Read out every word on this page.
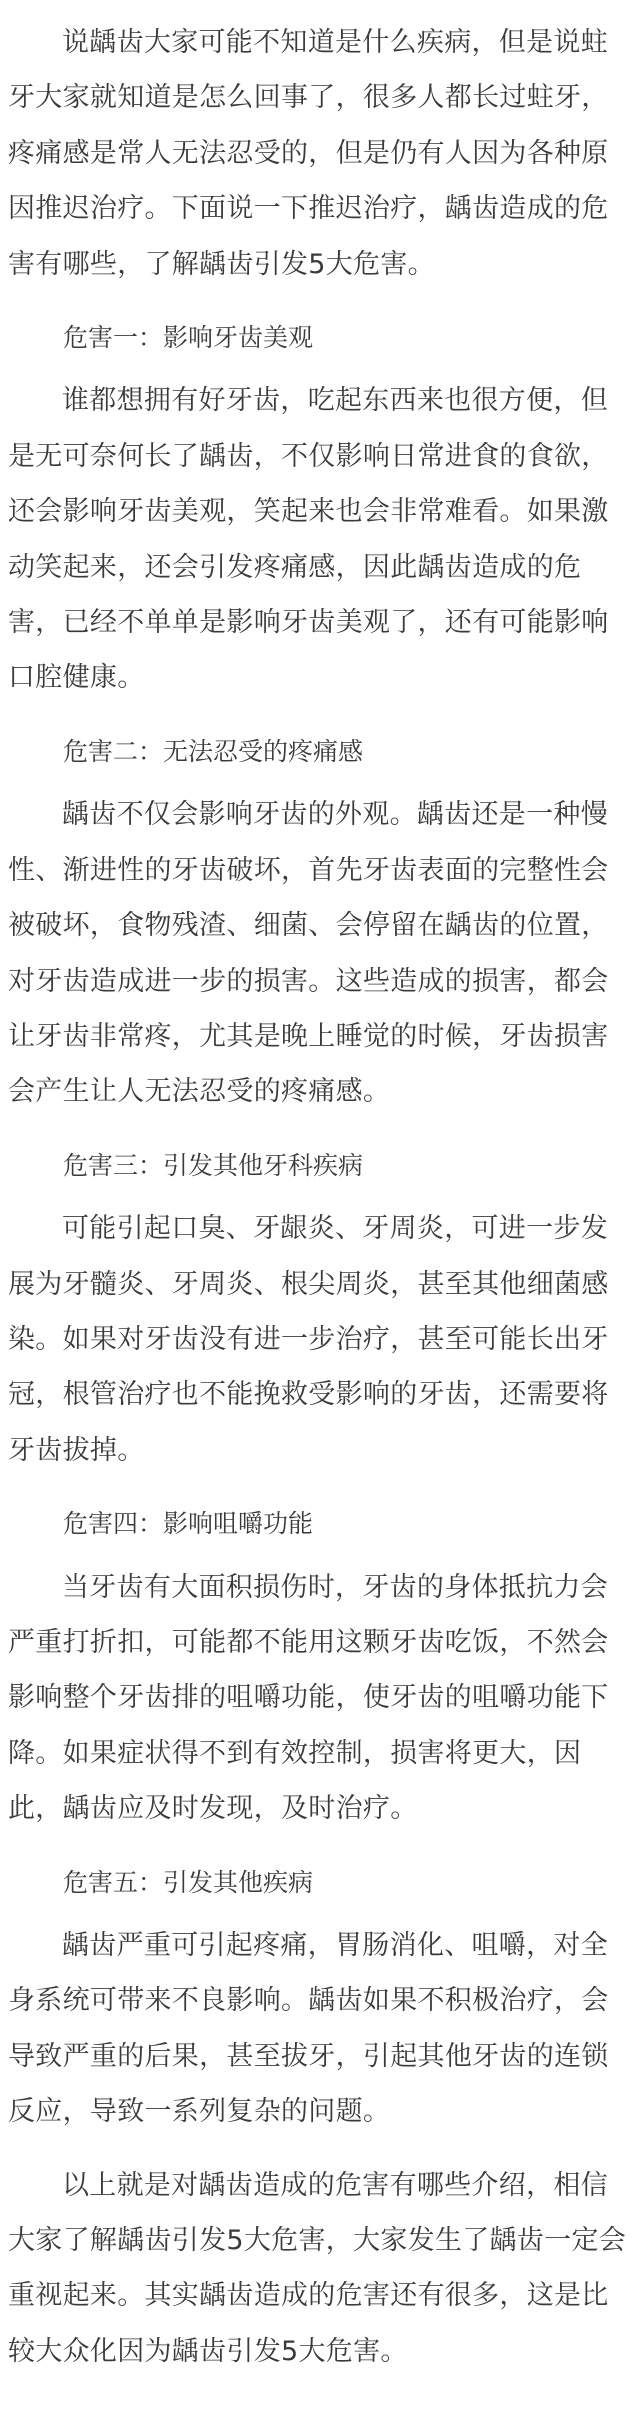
说龋齿大家可能不知道是什么疾病，但是说蛀牙大家就知道是怎么回事了，很多人都长过蛀牙，疼痛感是常人无法忍受的，但是仍有人因为各种原因推迟治疗。下面说一下推迟治疗，龋齿造成的危害有哪些，了解龋齿引发5大危害。

危害一：影响牙齿美观

谁都想拥有好牙齿，吃起东西来也很方便，但是无可奈何长了龋齿，不仅影响日常进食的食欲，还会影响牙齿美观，笑起来也会非常难看。如果激动笑起来，还会引发疼痛感，因此龋齿造成的危害，已经不单单是影响牙齿美观了，还有可能影响口腔健康。

危害二：无法忍受的疼痛感

龋齿不仅会影响牙齿的外观。龋齿还是一种慢性、渐进性的牙齿破坏，首先牙齿表面的完整性会被破坏，食物残渣、细菌、会停留在龋齿的位置，对牙齿造成进一步的损害。这些造成的损害，都会让牙齿非常疼，尤其是晚上睡觉的时候，牙齿损害会产生让人无法忍受的疼痛感。

危害三：引发其他牙科疾病

可能引起口臭、牙龈炎、牙周炎，可进一步发展为牙髓炎、牙周炎、根尖周炎，甚至其他细菌感染。如果对牙齿没有进一步治疗，甚至可能长出牙冠，根管治疗也不能挽救受影响的牙齿，还需要将牙齿拔掉。

危害四：影响咀嚼功能

当牙齿有大面积损伤时，牙齿的身体抵抗力会严重打折扣，可能都不能用这颗牙齿吃饭，不然会影响整个牙齿排的咀嚼功能，使牙齿的咀嚼功能下降。如果症状得不到有效控制，损害将更大，因此，龋齿应及时发现，及时治疗。

危害五：引发其他疾病

龋齿严重可引起疼痛，胃肠消化、咀嚼，对全身系统可带来不良影响。龋齿如果不积极治疗，会导致严重的后果，甚至拔牙，引起其他牙齿的连锁反应，导致一系列复杂的问题。

以上就是对龋齿造成的危害有哪些介绍，相信大家了解龋齿引发5大危害，大家发生了龋齿一定会重视起来。其实龋齿造成的危害还有很多，这是比较大众化因为龋齿引发5大危害。
